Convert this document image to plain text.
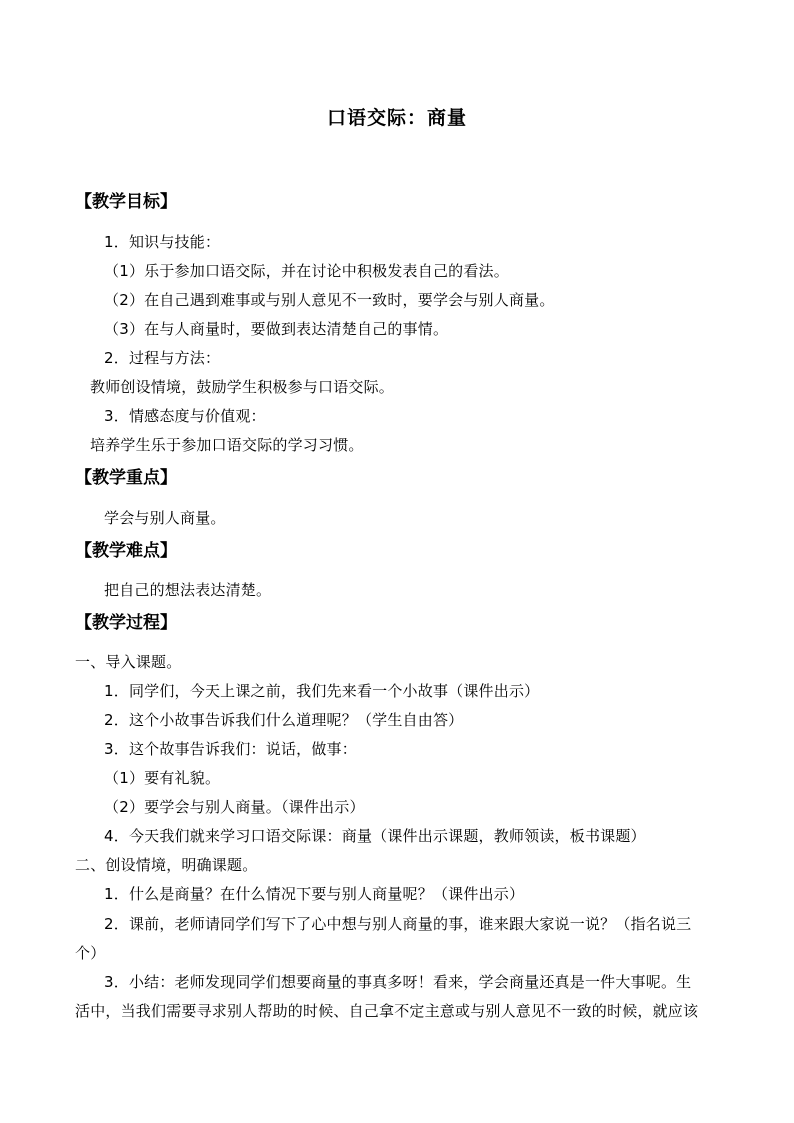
口语交际：商量
【教学目标】
1．知识与技能：
（1）乐于参加口语交际，并在讨论中积极发表自己的看法。
（2）在自己遇到难事或与别人意见不一致时，要学会与别人商量。
（3）在与人商量时，要做到表达清楚自己的事情。
2．过程与方法：
教师创设情境，鼓励学生积极参与口语交际。
3．情感态度与价值观：
培养学生乐于参加口语交际的学习习惯。
【教学重点】
学会与别人商量。
【教学难点】
把自己的想法表达清楚。
【教学过程】
一、导入课题。
1．同学们，今天上课之前，我们先来看一个小故事（课件出示）
2．这个小故事告诉我们什么道理呢？（学生自由答）
3．这个故事告诉我们：说话，做事：
（1）要有礼貌。
（2）要学会与别人商量。（课件出示）
4．今天我们就来学习口语交际课：商量（课件出示课题，教师领读，板书课题）
二、创设情境，明确课题。
1．什么是商量？在什么情况下要与别人商量呢？（课件出示）
2．课前，老师请同学们写下了心中想与别人商量的事，谁来跟大家说一说？（指名说三
个）
3．小结：老师发现同学们想要商量的事真多呀！看来，学会商量还真是一件大事呢。生
活中，当我们需要寻求别人帮助的时候、自己拿不定主意或与别人意见不一致的时候，就应该
